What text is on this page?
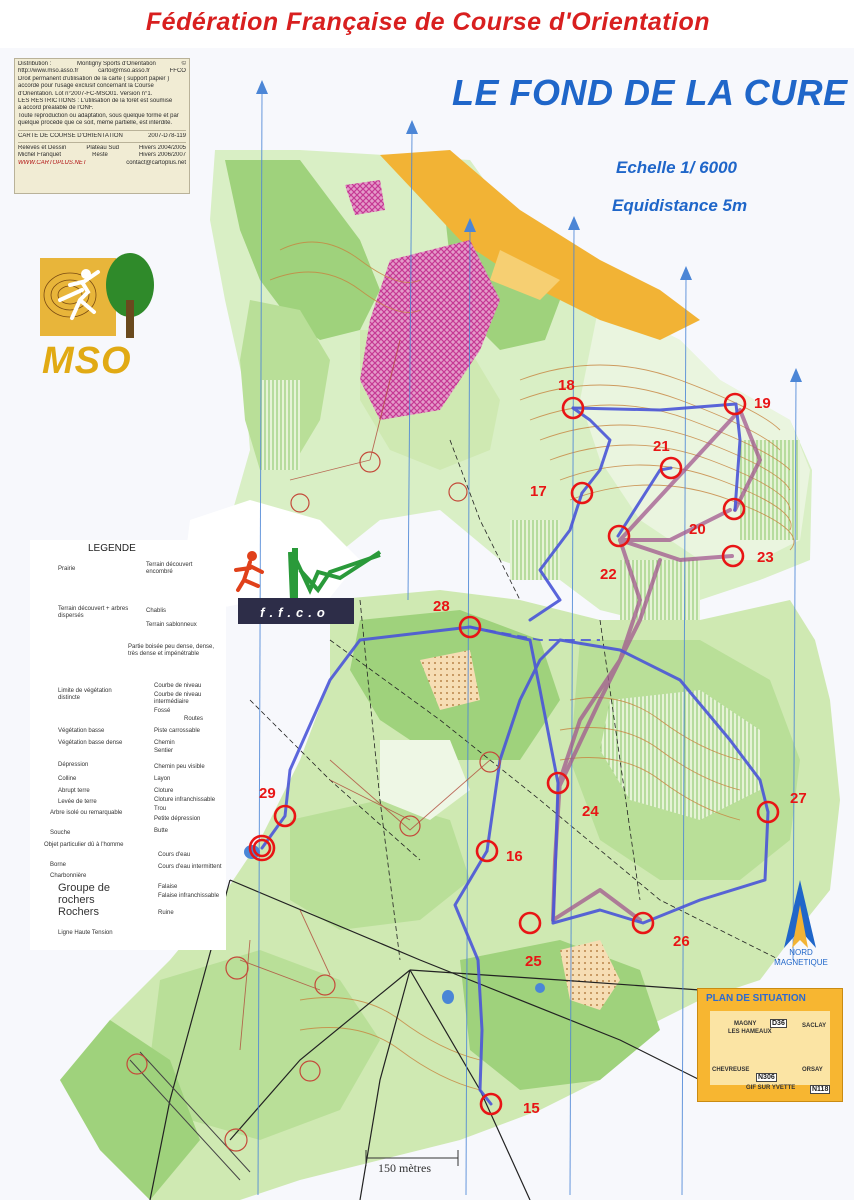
Fédération Française de Course d'Orientation
Distribution :	Montigny Sports d'Orientation	©
http://www.mso.asso.fr	cartoi@mso.asso.fr	FFCO
Droit permanent d'utilisation de la carte ( support papier )
accordé pour l'usage exclusif concernant la Course
d'Orientation. Lot n°2007-FC-MSO01. Version n°1.
LES RESTRICTIONS : L'utilisation de la forêt est soumise
à accord préalable de l'ONF.
Toute reproduction ou adaptation, sous quelque forme et par
quelque procédé que ce soit, même partielle, est interdite.
CARTE DE COURSE D'ORIENTATION	2007-D78-119
Relevés et Dessin	Plateau Sud	Hivers 2004/2005
Michel Franquet	Reste	Hivers 2006/2007
WWW.CARTOPLUS.NET	contact@cartoplus.net
LE FOND DE LA CURE
Echelle 1/ 6000
Equidistance 5m
MSO
f.f.c.o
LEGENDE
Prairie
Terrain découvert encombré
Terrain découvert + arbres dispersés
Chablis
Terrain sablonneux
Partie boisée peu dense, dense, très dense et impénétrable
Limite de végétation distincte
Courbe de niveau
Courbe de niveau intermédiaire
Fossé
Végétation basse
Végétation basse dense
Routes
Piste carrossable
Chemin
Sentier
Dépression
Colline
Abrupt terre
Levée de terre
Chemin peu visible
Layon
Cloture
Cloture infranchissable
Arbre isolé ou remarquable
Souche
Trou
Petite dépression
Butte
Objet particulier dû à l'homme
Borne
Charbonnière
Cours d'eau
Cours d'eau intermittent
Groupe de rochers
Rochers
Falaise
Falaise infranchissable
Ruine
Ligne Haute Tension
15
16
17
18
19
20
21
22
23
24
25
26
27
28
29
150 mètres
NORD
MAGNETIQUE
PLAN DE SITUATION
MAGNY
LES HAMEAUX
D36	SACLAY
CHEVREUSE	ORSAY
N306
GIF SUR YVETTE N118
